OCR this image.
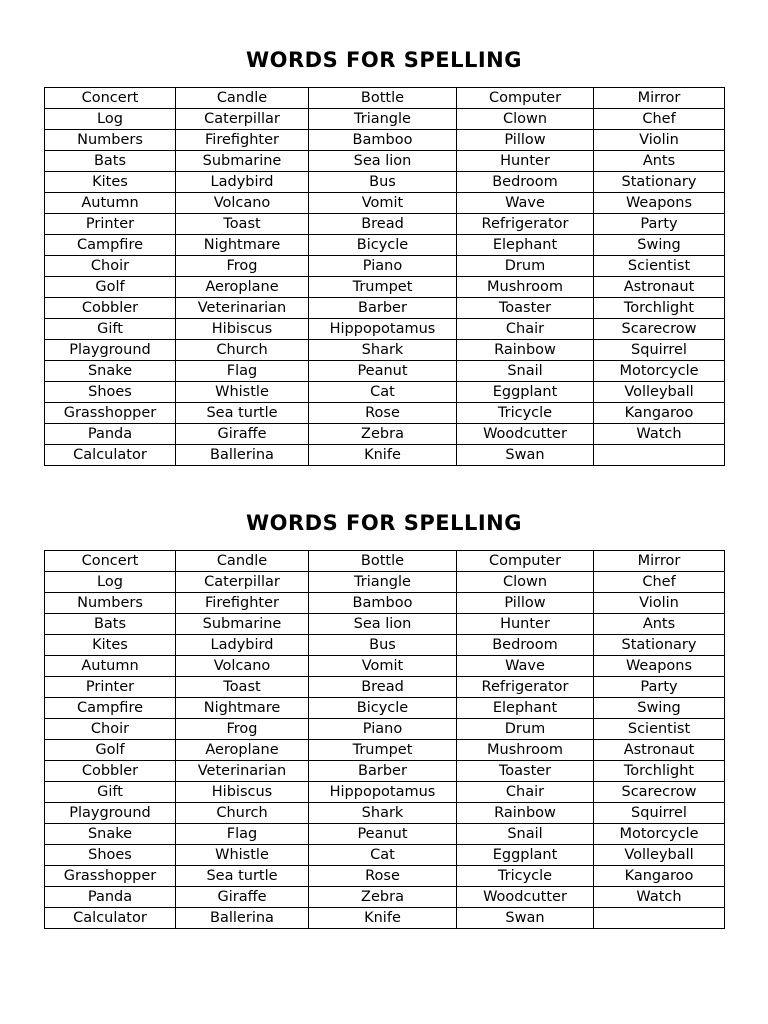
WORDS FOR SPELLING
Concert	Candle	Bottle	Computer	Mirror
Log	Caterpillar	Triangle	Clown	Chef
Numbers	Firefighter	Bamboo	Pillow	Violin
Bats	Submarine	Sea lion	Hunter	Ants
Kites	Ladybird	Bus	Bedroom	Stationary
Autumn	Volcano	Vomit	Wave	Weapons
Printer	Toast	Bread	Refrigerator	Party
Campfire	Nightmare	Bicycle	Elephant	Swing
Choir	Frog	Piano	Drum	Scientist
Golf	Aeroplane	Trumpet	Mushroom	Astronaut
Cobbler	Veterinarian	Barber	Toaster	Torchlight
Gift	Hibiscus	Hippopotamus	Chair	Scarecrow
Playground	Church	Shark	Rainbow	Squirrel
Snake	Flag	Peanut	Snail	Motorcycle
Shoes	Whistle	Cat	Eggplant	Volleyball
Grasshopper	Sea turtle	Rose	Tricycle	Kangaroo
Panda	Giraffe	Zebra	Woodcutter	Watch
Calculator	Ballerina	Knife	Swan	
WORDS FOR SPELLING
Concert	Candle	Bottle	Computer	Mirror
Log	Caterpillar	Triangle	Clown	Chef
Numbers	Firefighter	Bamboo	Pillow	Violin
Bats	Submarine	Sea lion	Hunter	Ants
Kites	Ladybird	Bus	Bedroom	Stationary
Autumn	Volcano	Vomit	Wave	Weapons
Printer	Toast	Bread	Refrigerator	Party
Campfire	Nightmare	Bicycle	Elephant	Swing
Choir	Frog	Piano	Drum	Scientist
Golf	Aeroplane	Trumpet	Mushroom	Astronaut
Cobbler	Veterinarian	Barber	Toaster	Torchlight
Gift	Hibiscus	Hippopotamus	Chair	Scarecrow
Playground	Church	Shark	Rainbow	Squirrel
Snake	Flag	Peanut	Snail	Motorcycle
Shoes	Whistle	Cat	Eggplant	Volleyball
Grasshopper	Sea turtle	Rose	Tricycle	Kangaroo
Panda	Giraffe	Zebra	Woodcutter	Watch
Calculator	Ballerina	Knife	Swan	
